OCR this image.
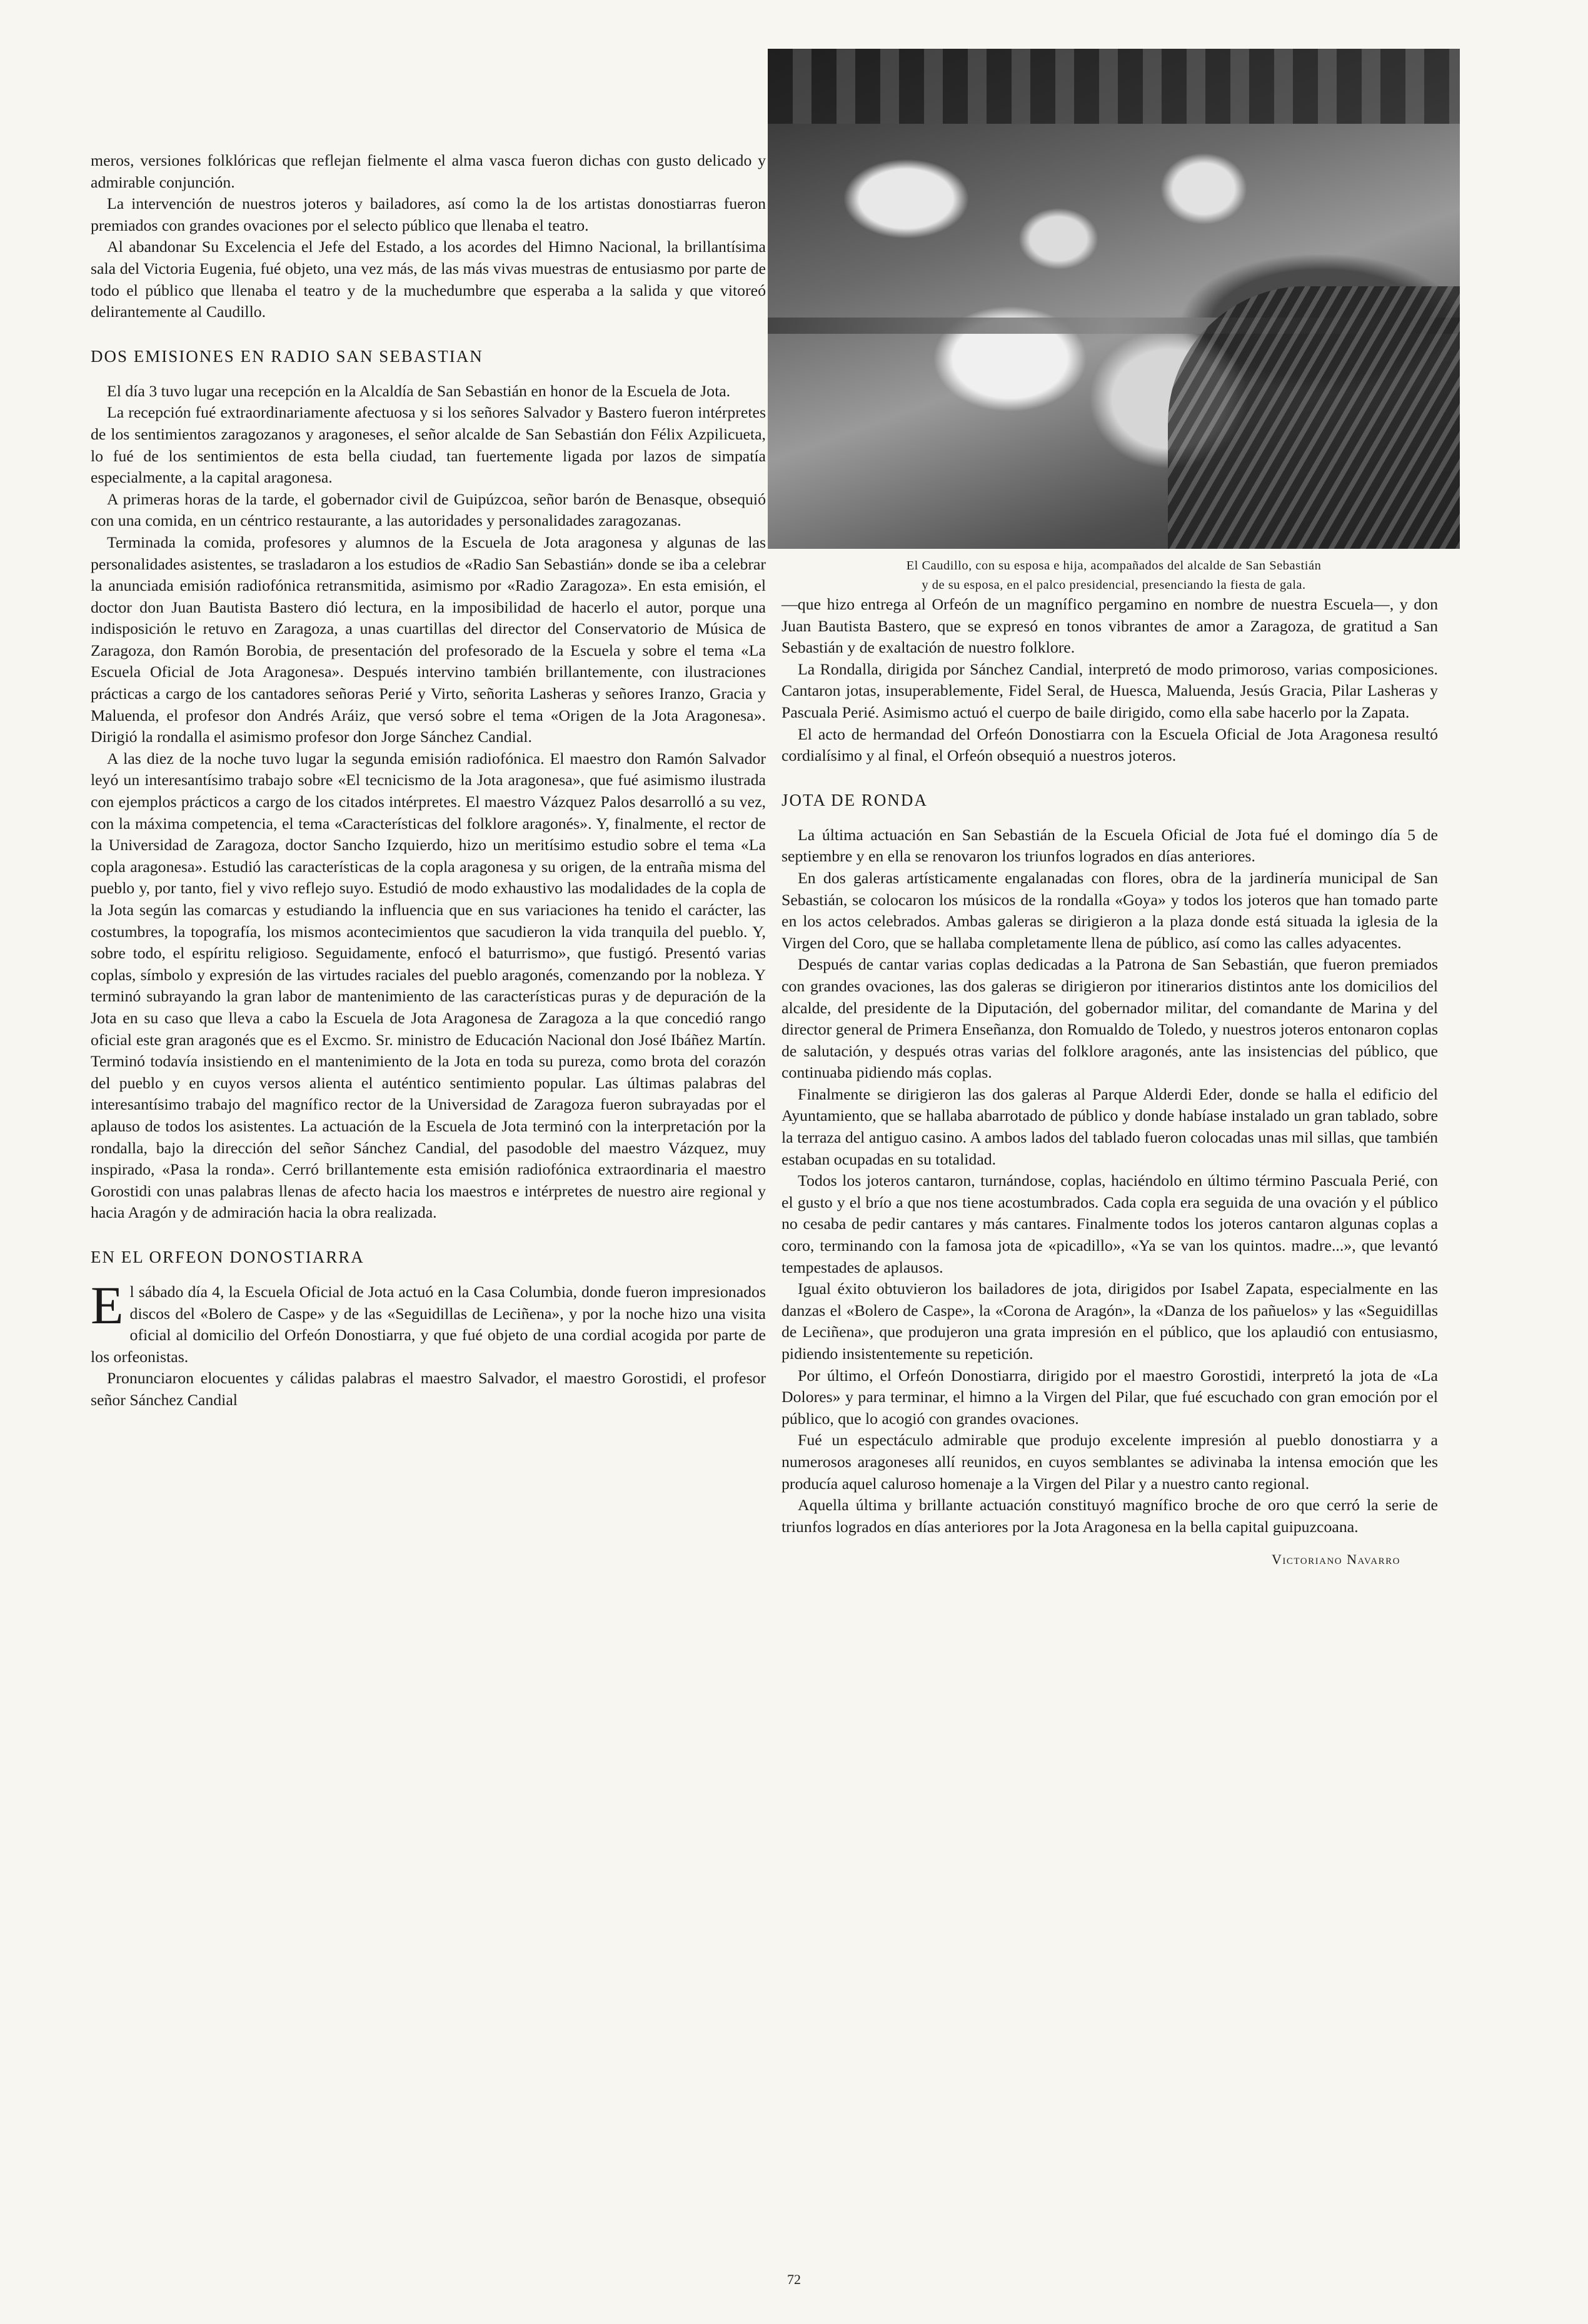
meros, versiones folklóricas que reflejan fielmente el alma vasca fueron dichas con gusto delicado y admirable conjunción.

La intervención de nuestros joteros y bailadores, así como la de los artistas donostiarras fueron premiados con grandes ovaciones por el selecto público que llenaba el teatro.

Al abandonar Su Excelencia el Jefe del Estado, a los acordes del Himno Nacional, la brillantísima sala del Victoria Eugenia, fué objeto, una vez más, de las más vivas muestras de entusiasmo por parte de todo el público que llenaba el teatro y de la muchedumbre que esperaba a la salida y que vitoreó delirantemente al Caudillo.

DOS EMISIONES EN RADIO SAN SEBASTIAN

El día 3 tuvo lugar una recepción en la Alcaldía de San Sebastián en honor de la Escuela de Jota.

La recepción fué extraordinariamente afectuosa y si los señores Salvador y Bastero fueron intérpretes de los sentimientos zaragozanos y aragoneses, el señor alcalde de San Sebastián don Félix Azpilicueta, lo fué de los sentimientos de esta bella ciudad, tan fuertemente ligada por lazos de simpatía especialmente, a la capital aragonesa.

A primeras horas de la tarde, el gobernador civil de Guipúzcoa, señor barón de Benasque, obsequió con una comida, en un céntrico restaurante, a las autoridades y personalidades zaragozanas.

Terminada la comida, profesores y alumnos de la Escuela de Jota aragonesa y algunas de las personalidades asistentes, se trasladaron a los estudios de «Radio San Sebastián» donde se iba a celebrar la anunciada emisión radiofónica retransmitida, asimismo por «Radio Zaragoza». En esta emisión, el doctor don Juan Bautista Bastero dió lectura, en la imposibilidad de hacerlo el autor, porque una indisposición le retuvo en Zaragoza, a unas cuartillas del director del Conservatorio de Música de Zaragoza, don Ramón Borobia, de presentación del profesorado de la Escuela y sobre el tema «La Escuela Oficial de Jota Aragonesa». Después intervino también brillantemente, con ilustraciones prácticas a cargo de los cantadores señoras Perié y Virto, señorita Lasheras y señores Iranzo, Gracia y Maluenda, el profesor don Andrés Aráiz, que versó sobre el tema «Origen de la Jota Aragonesa». Dirigió la rondalla el asimismo profesor don Jorge Sánchez Candial.

A las diez de la noche tuvo lugar la segunda emisión radiofónica. El maestro don Ramón Salvador leyó un interesantísimo trabajo sobre «El tecnicismo de la Jota aragonesa», que fué asimismo ilustrada con ejemplos prácticos a cargo de los citados intérpretes. El maestro Vázquez Palos desarrolló a su vez, con la máxima competencia, el tema «Características del folklore aragonés». Y, finalmente, el rector de la Universidad de Zaragoza, doctor Sancho Izquierdo, hizo un meritísimo estudio sobre el tema «La copla aragonesa». Estudió las características de la copla aragonesa y su origen, de la entraña misma del pueblo y, por tanto, fiel y vivo reflejo suyo. Estudió de modo exhaustivo las modalidades de la copla de la Jota según las comarcas y estudiando la influencia que en sus variaciones ha tenido el carácter, las costumbres, la topografía, los mismos acontecimientos que sacudieron la vida tranquila del pueblo. Y, sobre todo, el espíritu religioso. Seguidamente, enfocó el baturrismo», que fustigó. Presentó varias coplas, símbolo y expresión de las virtudes raciales del pueblo aragonés, comenzando por la nobleza. Y terminó subrayando la gran labor de mantenimiento de las características puras y de depuración de la Jota en su caso que lleva a cabo la Escuela de Jota Aragonesa de Zaragoza a la que concedió rango oficial este gran aragonés que es el Excmo. Sr. ministro de Educación Nacional don José Ibáñez Martín. Terminó todavía insistiendo en el mantenimiento de la Jota en toda su pureza, como brota del corazón del pueblo y en cuyos versos alienta el auténtico sentimiento popular. Las últimas palabras del interesantísimo trabajo del magnífico rector de la Universidad de Zaragoza fueron subrayadas por el aplauso de todos los asistentes. La actuación de la Escuela de Jota terminó con la interpretación por la rondalla, bajo la dirección del señor Sánchez Candial, del pasodoble del maestro Vázquez, muy inspirado, «Pasa la ronda». Cerró brillantemente esta emisión radiofónica extraordinaria el maestro Gorostidi con unas palabras llenas de afecto hacia los maestros e intérpretes de nuestro aire regional y hacia Aragón y de admiración hacia la obra realizada.

EN EL ORFEON DONOSTIARRA

El sábado día 4, la Escuela Oficial de Jota actuó en la Casa Columbia, donde fueron impresionados discos del «Bolero de Caspe» y de las «Seguidillas de Leciñena», y por la noche hizo una visita oficial al domicilio del Orfeón Donostiarra, y que fué objeto de una cordial acogida por parte de los orfeonistas.

Pronunciaron elocuentes y cálidas palabras el maestro Salvador, el maestro Gorostidi, el profesor señor Sánchez Candial

El Caudillo, con su esposa e hija, acompañados del alcalde de San Sebastián
y de su esposa, en el palco presidencial, presenciando la fiesta de gala.

—que hizo entrega al Orfeón de un magnífico pergamino en nombre de nuestra Escuela—, y don Juan Bautista Bastero, que se expresó en tonos vibrantes de amor a Zaragoza, de gratitud a San Sebastián y de exaltación de nuestro folklore.

La Rondalla, dirigida por Sánchez Candial, interpretó de modo primoroso, varias composiciones. Cantaron jotas, insuperablemente, Fidel Seral, de Huesca, Maluenda, Jesús Gracia, Pilar Lasheras y Pascuala Perié. Asimismo actuó el cuerpo de baile dirigido, como ella sabe hacerlo por la Zapata.

El acto de hermandad del Orfeón Donostiarra con la Escuela Oficial de Jota Aragonesa resultó cordialísimo y al final, el Orfeón obsequió a nuestros joteros.

JOTA DE RONDA

La última actuación en San Sebastián de la Escuela Oficial de Jota fué el domingo día 5 de septiembre y en ella se renovaron los triunfos logrados en días anteriores.

En dos galeras artísticamente engalanadas con flores, obra de la jardinería municipal de San Sebastián, se colocaron los músicos de la rondalla «Goya» y todos los joteros que han tomado parte en los actos celebrados. Ambas galeras se dirigieron a la plaza donde está situada la iglesia de la Virgen del Coro, que se hallaba completamente llena de público, así como las calles adyacentes.

Después de cantar varias coplas dedicadas a la Patrona de San Sebastián, que fueron premiados con grandes ovaciones, las dos galeras se dirigieron por itinerarios distintos ante los domicilios del alcalde, del presidente de la Diputación, del gobernador militar, del comandante de Marina y del director general de Primera Enseñanza, don Romualdo de Toledo, y nuestros joteros entonaron coplas de salutación, y después otras varias del folklore aragonés, ante las insistencias del público, que continuaba pidiendo más coplas.

Finalmente se dirigieron las dos galeras al Parque Alderdi Eder, donde se halla el edificio del Ayuntamiento, que se hallaba abarrotado de público y donde habíase instalado un gran tablado, sobre la terraza del antiguo casino. A ambos lados del tablado fueron colocadas unas mil sillas, que también estaban ocupadas en su totalidad.

Todos los joteros cantaron, turnándose, coplas, haciéndolo en último término Pascuala Perié, con el gusto y el brío a que nos tiene acostumbrados. Cada copla era seguida de una ovación y el público no cesaba de pedir cantares y más cantares. Finalmente todos los joteros cantaron algunas coplas a coro, terminando con la famosa jota de «picadillo», «Ya se van los quintos. madre...», que levantó tempestades de aplausos.

Igual éxito obtuvieron los bailadores de jota, dirigidos por Isabel Zapata, especialmente en las danzas el «Bolero de Caspe», la «Corona de Aragón», la «Danza de los pañuelos» y las «Seguidillas de Leciñena», que produjeron una grata impresión en el público, que los aplaudió con entusiasmo, pidiendo insistentemente su repetición.

Por último, el Orfeón Donostiarra, dirigido por el maestro Gorostidi, interpretó la jota de «La Dolores» y para terminar, el himno a la Virgen del Pilar, que fué escuchado con gran emoción por el público, que lo acogió con grandes ovaciones.

Fué un espectáculo admirable que produjo excelente impresión al pueblo donostiarra y a numerosos aragoneses allí reunidos, en cuyos semblantes se adivinaba la intensa emoción que les producía aquel caluroso homenaje a la Virgen del Pilar y a nuestro canto regional.

Aquella última y brillante actuación constituyó magnífico broche de oro que cerró la serie de triunfos logrados en días anteriores por la Jota Aragonesa en la bella capital guipuzcoana.

Victoriano Navarro
72
